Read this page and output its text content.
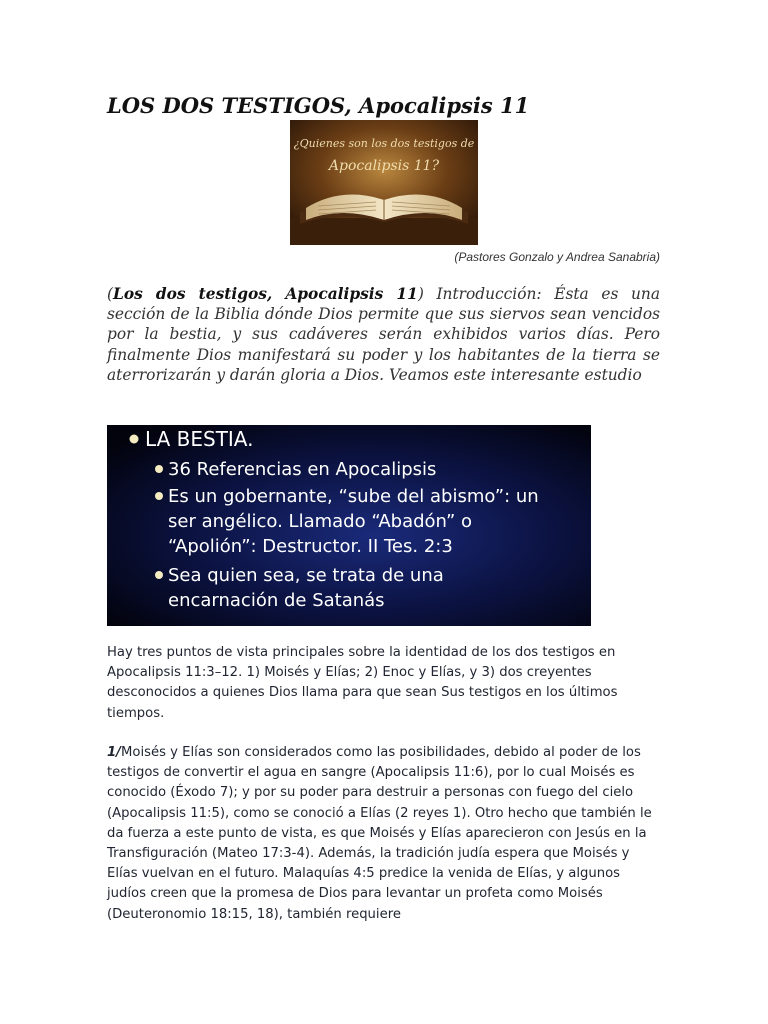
LOS DOS TESTIGOS, Apocalipsis 11
¿Quienes son los dos testigos de
Apocalipsis 11?
(Pastores Gonzalo y Andrea Sanabria)

(Los dos testigos, Apocalipsis 11) Introducción: Ésta es una sección de la Biblia dónde Dios permite que sus siervos sean vencidos por la bestia, y sus cadáveres serán exhibidos varios días. Pero finalmente Dios manifestará su poder y los habitantes de la tierra se aterrorizarán y darán gloria a Dios. Veamos este interesante estudio

LA BESTIA.
36 Referencias en Apocalipsis
Es un gobernante, “sube del abismo”: un
ser angélico. Llamado “Abadón” o
“Apolión”: Destructor. II Tes. 2:3
Sea quien sea, se trata de una
encarnación de Satanás

Hay tres puntos de vista principales sobre la identidad de los dos testigos en Apocalipsis 11:3–12. 1) Moisés y Elías; 2) Enoc y Elías, y 3) dos creyentes desconocidos a quienes Dios llama para que sean Sus testigos en los últimos tiempos.

1/Moisés y Elías son considerados como las posibilidades, debido al poder de los testigos de convertir el agua en sangre (Apocalipsis 11:6), por lo cual Moisés es conocido (Éxodo 7); y por su poder para destruir a personas con fuego del cielo (Apocalipsis 11:5), como se conoció a Elías (2 reyes 1). Otro hecho que también le da fuerza a este punto de vista, es que Moisés y Elías aparecieron con Jesús en la Transfiguración (Mateo 17:3-4). Además, la tradición judía espera que Moisés y Elías vuelvan en el futuro. Malaquías 4:5 predice la venida de Elías, y algunos judíos creen que la promesa de Dios para levantar un profeta como Moisés (Deuteronomio 18:15, 18), también requiere
